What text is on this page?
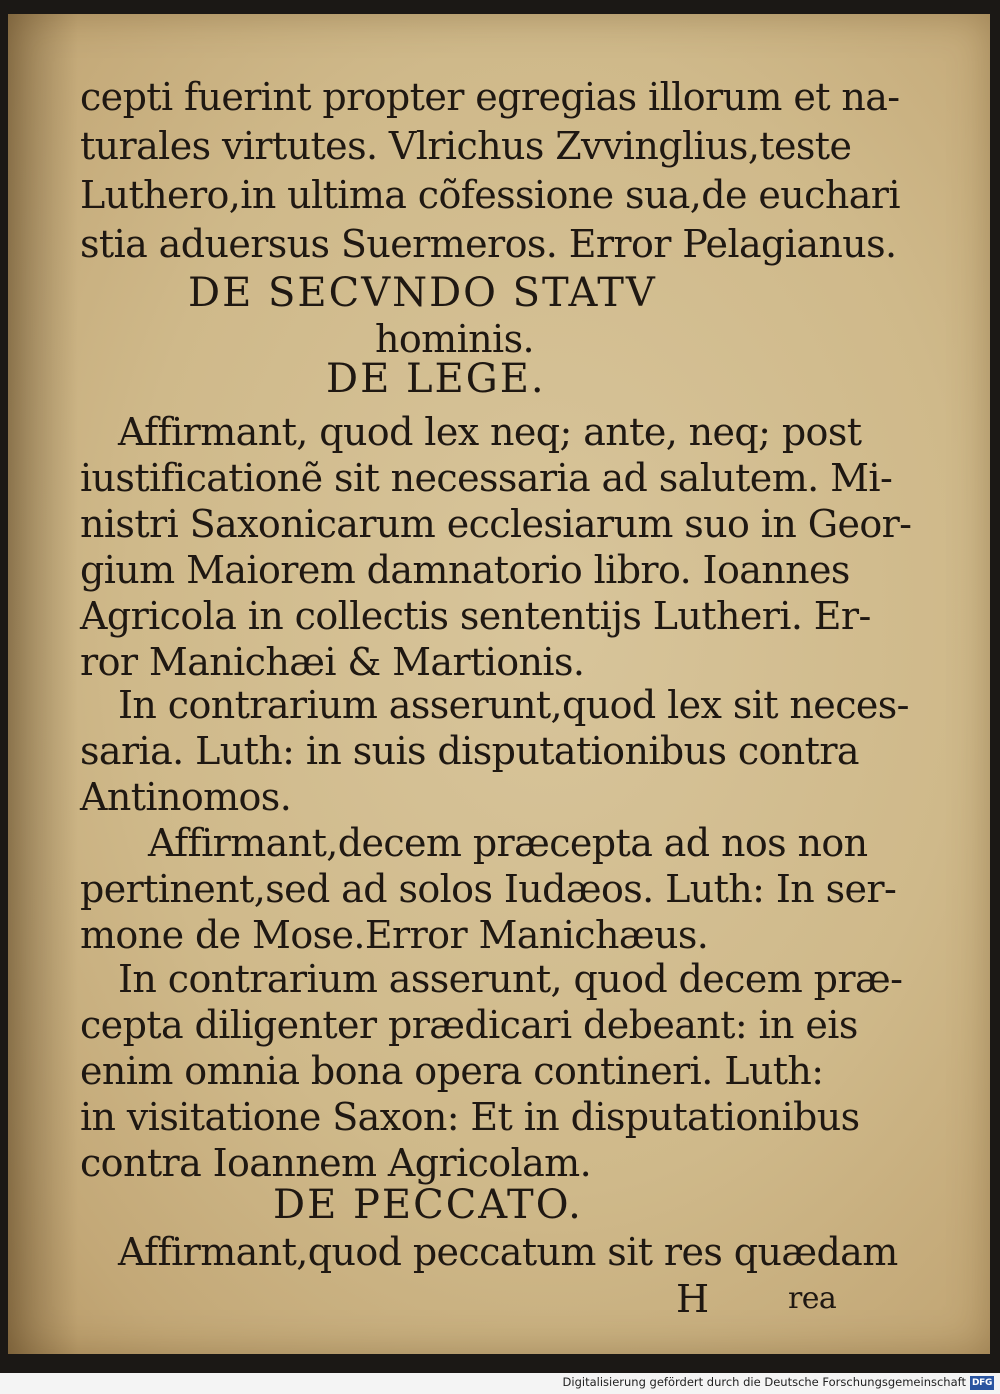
cepti fuerint propter egregias illorum et na-

turales virtutes. Vlrichus Zvvinglius,teste

Luthero,in ultima cõfessione sua,de euchari

stia aduersus Suermeros. Error Pelagianus.

DE SECVNDO STATV

hominis.

DE LEGE.

Affirmant, quod lex neq; ante, neq; post

iustificationẽ sit necessaria ad salutem. Mi-

nistri Saxonicarum ecclesiarum suo in Geor-

gium Maiorem damnatorio libro. Ioannes

Agricola in collectis sententijs Lutheri. Er-

ror Manichæi & Martionis.

In contrarium asserunt,quod lex sit neces-

saria. Luth: in suis disputationibus contra

Antinomos.

Affirmant,decem præcepta ad nos non

pertinent,sed ad solos Iudæos. Luth: In ser-

mone de Mose.Error Manichæus.

In contrarium asserunt, quod decem præ-

cepta diligenter prædicari debeant: in eis

enim omnia bona opera contineri. Luth:

in visitatione Saxon: Et in disputationibus

contra Ioannem Agricolam.

DE PECCATO.

Affirmant,quod peccatum sit res quædam

H	rea

Digitalisierung gefördert durch die Deutsche Forschungsgemeinschaft DFG
